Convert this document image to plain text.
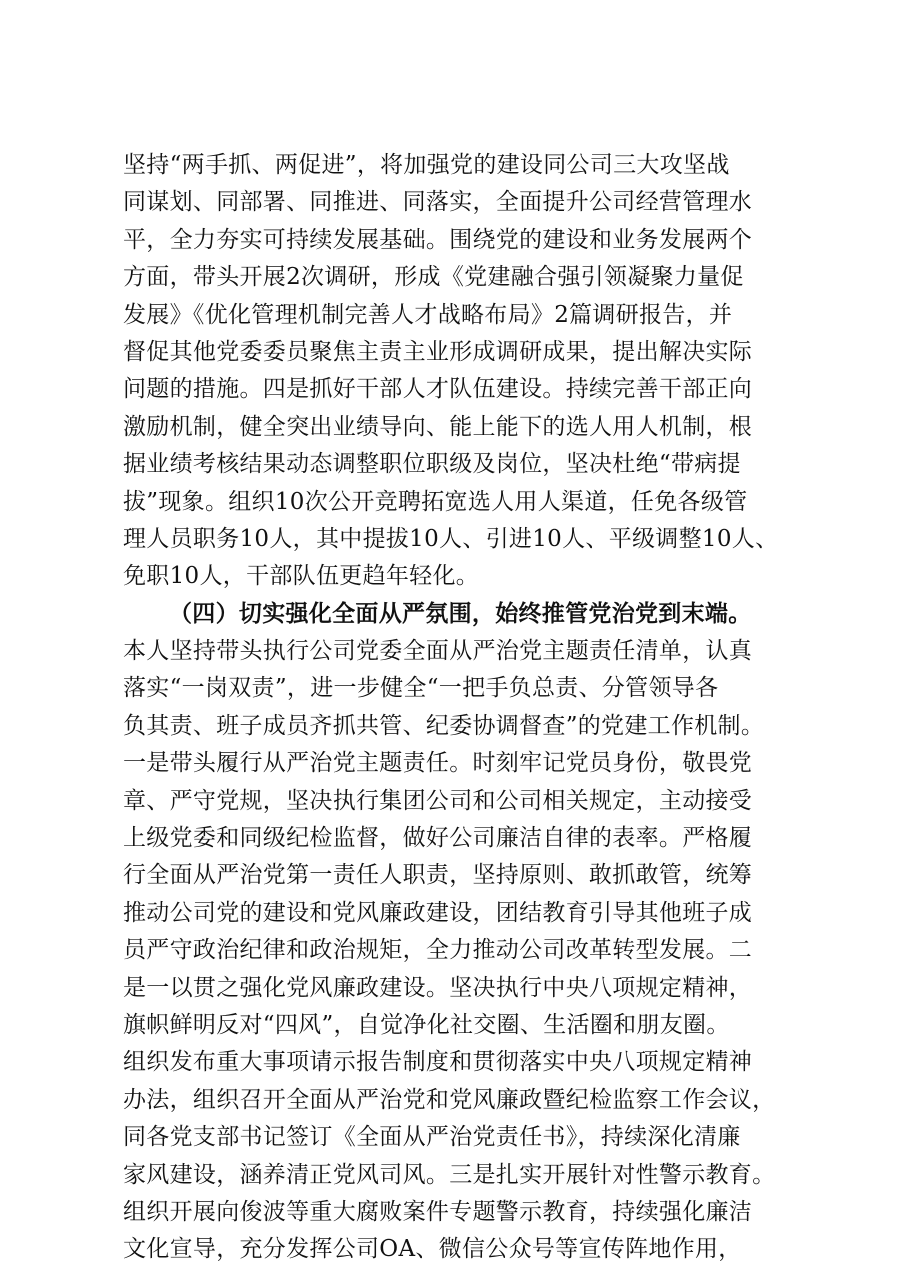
坚持“两手抓、两促进”，将加强党的建设同公司三大攻坚战
同谋划、同部署、同推进、同落实，全面提升公司经营管理水
平，全力夯实可持续发展基础。围绕党的建设和业务发展两个
方面，带头开展2次调研，形成《党建融合强引领凝聚力量促
发展》《优化管理机制完善人才战略布局》2篇调研报告，并
督促其他党委委员聚焦主责主业形成调研成果，提出解决实际
问题的措施。四是抓好干部人才队伍建设。持续完善干部正向
激励机制，健全突出业绩导向、能上能下的选人用人机制，根
据业绩考核结果动态调整职位职级及岗位，坚决杜绝“带病提
拔”现象。组织10次公开竞聘拓宽选人用人渠道，任免各级管
理人员职务10人，其中提拔10人、引进10人、平级调整10人、
免职10人，干部队伍更趋年轻化。
（四）切实强化全面从严氛围，始终推管党治党到末端。
本人坚持带头执行公司党委全面从严治党主题责任清单，认真
落实“一岗双责”，进一步健全“一把手负总责、分管领导各
负其责、班子成员齐抓共管、纪委协调督查”的党建工作机制。
一是带头履行从严治党主题责任。时刻牢记党员身份，敬畏党
章、严守党规，坚决执行集团公司和公司相关规定，主动接受
上级党委和同级纪检监督，做好公司廉洁自律的表率。严格履
行全面从严治党第一责任人职责，坚持原则、敢抓敢管，统筹
推动公司党的建设和党风廉政建设，团结教育引导其他班子成
员严守政治纪律和政治规矩，全力推动公司改革转型发展。二
是一以贯之强化党风廉政建设。坚决执行中央八项规定精神，
旗帜鲜明反对“四风”，自觉净化社交圈、生活圈和朋友圈。
组织发布重大事项请示报告制度和贯彻落实中央八项规定精神
办法，组织召开全面从严治党和党风廉政暨纪检监察工作会议，
同各党支部书记签订《全面从严治党责任书》，持续深化清廉
家风建设，涵养清正党风司风。三是扎实开展针对性警示教育。
组织开展向俊波等重大腐败案件专题警示教育，持续强化廉洁
文化宣导，充分发挥公司OA、微信公众号等宣传阵地作用，
